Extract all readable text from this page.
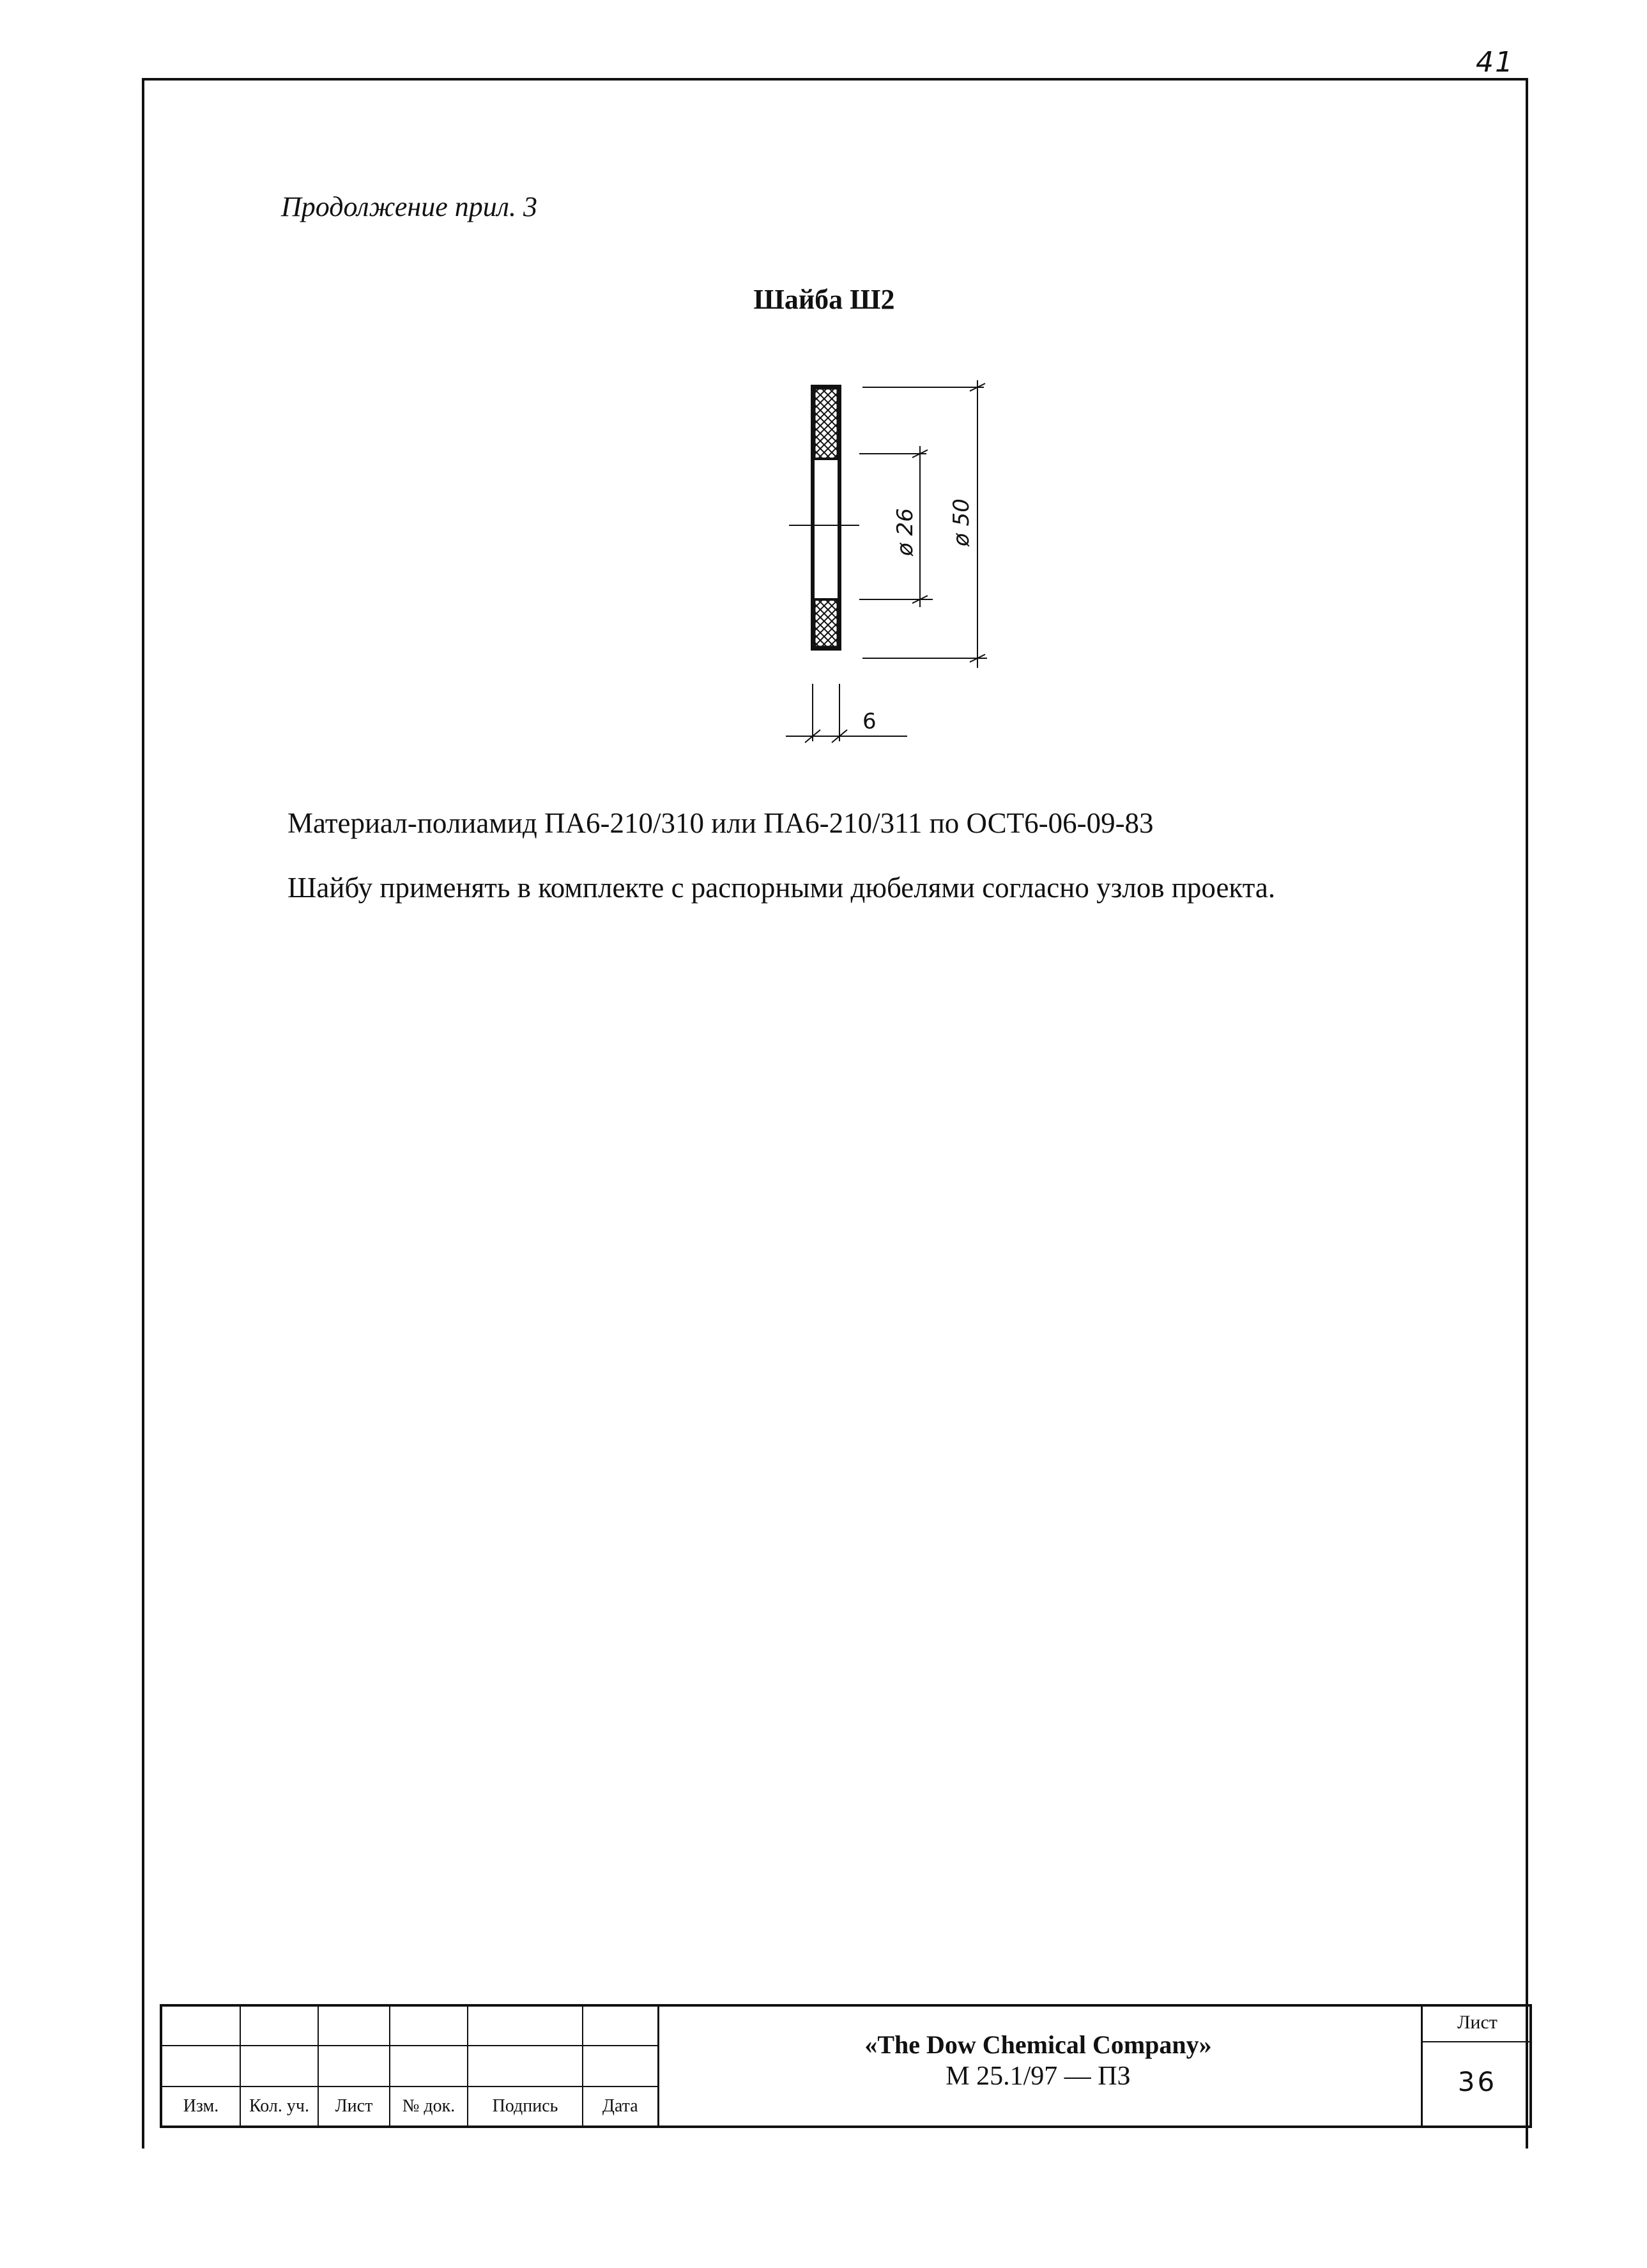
41
Продолжение прил. 3
Шайба Ш2
ø 26 ø 50
6
Материал-полиамид ПА6-210/310 или ПА6-210/311 по ОСТ6-06-09-83
Шайбу применять в комплекте с распорными дюбелями согласно узлов проекта.

Изм.	Кол. уч.	Лист	№ док.	Подпись	Дата
«The Dow Chemical Company»
М 25.1/97 — ПЗ
Лист
36
